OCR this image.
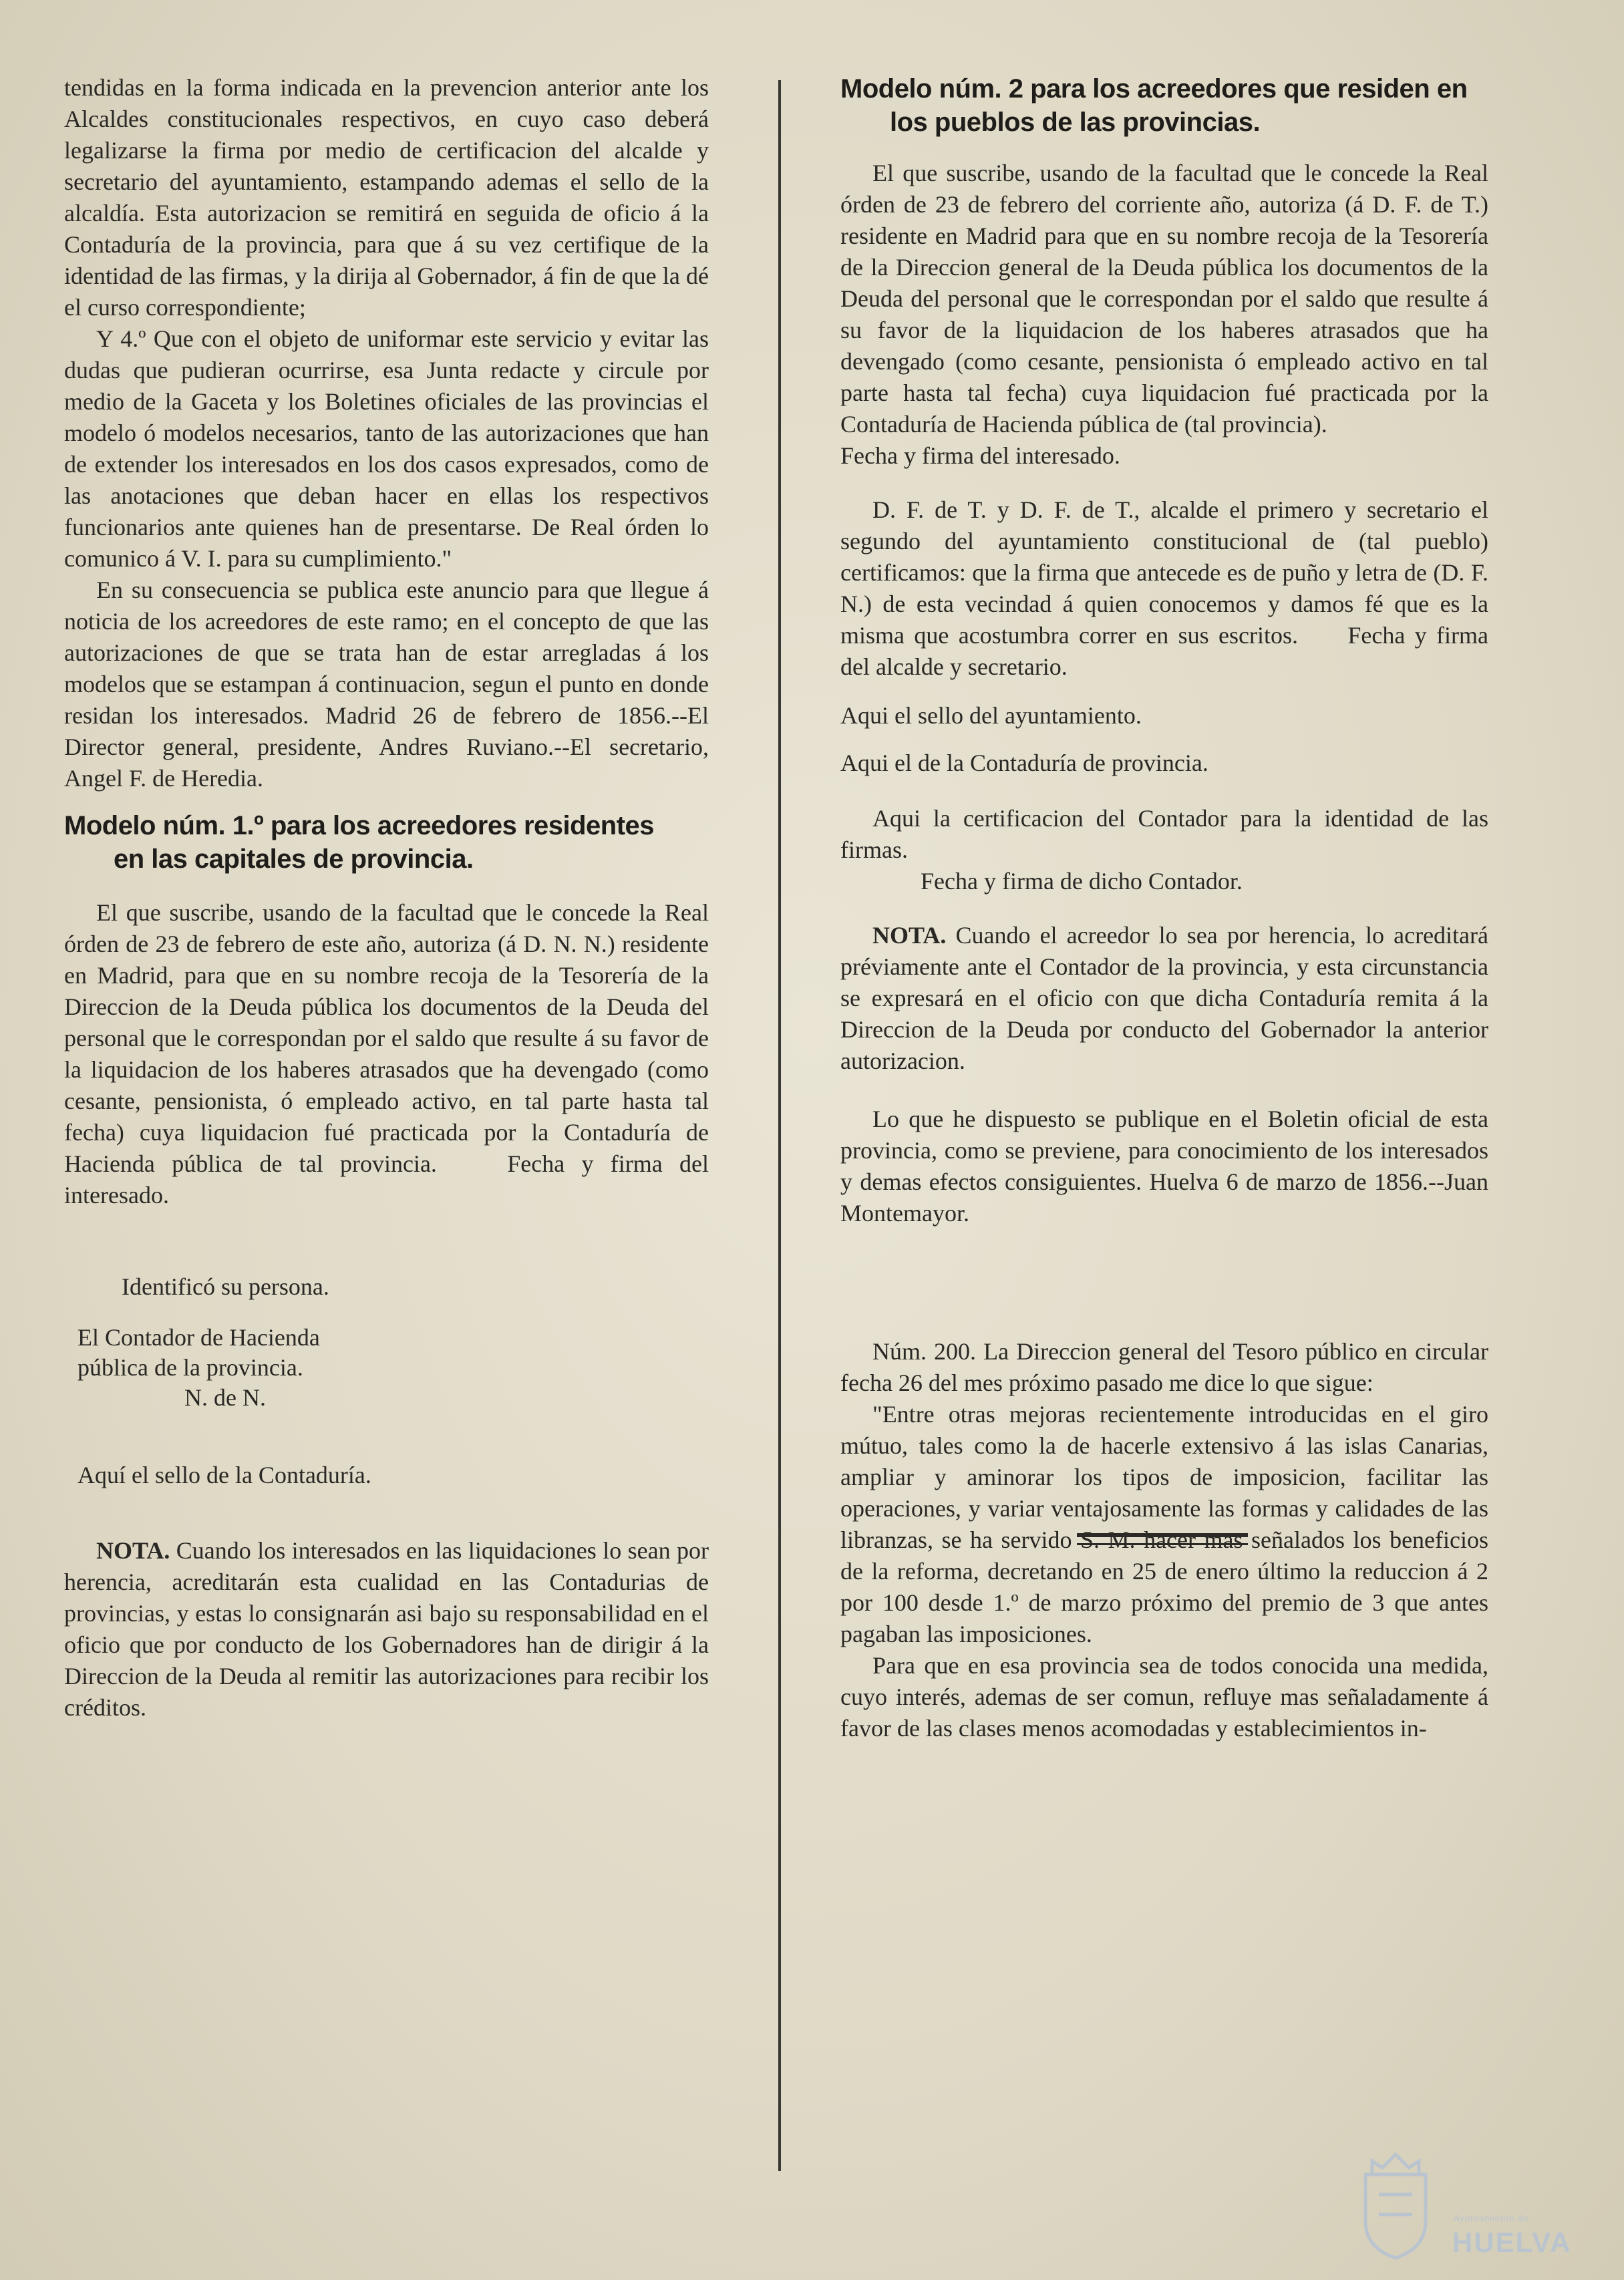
tendidas en la forma indicada en la prevencion anterior ante los Alcaldes constitucionales respectivos, en cuyo caso deberá legalizarse la firma por medio de certificacion del alcalde y secretario del ayuntamiento, estampando ademas el sello de la alcaldía. Esta autorizacion se remitirá en seguida de oficio á la Contaduría de la provincia, para que á su vez certifique de la identidad de las firmas, y la dirija al Gobernador, á fin de que la dé el curso correspondiente;

Y 4.º Que con el objeto de uniformar este servicio y evitar las dudas que pudieran ocurrirse, esa Junta redacte y circule por medio de la Gaceta y los Boletines oficiales de las provincias el modelo ó modelos necesarios, tanto de las autorizaciones que han de extender los interesados en los dos casos expresados, como de las anotaciones que deban hacer en ellas los respectivos funcionarios ante quienes han de presentarse. De Real órden lo comunico á V. I. para su cumplimiento."

En su consecuencia se publica este anuncio para que llegue á noticia de los acreedores de este ramo; en el concepto de que las autorizaciones de que se trata han de estar arregladas á los modelos que se estampan á continuacion, segun el punto en donde residan los interesados. Madrid 26 de febrero de 1856.--El Director general, presidente, Andres Ruviano.--El secretario, Angel F. de Heredia.

Modelo núm. 1.º para los acreedores residentes
en las capitales de provincia.

El que suscribe, usando de la facultad que le concede la Real órden de 23 de febrero de este año, autoriza (á D. N. N.) residente en Madrid, para que en su nombre recoja de la Tesorería de la Direccion de la Deuda pública los documentos de la Deuda del personal que le correspondan por el saldo que resulte á su favor de la liquidacion de los haberes atrasados que ha devengado (como cesante, pensionista, ó empleado activo, en tal parte hasta tal fecha) cuya liquidacion fué practicada por la Contaduría de Hacienda pública de tal provincia.	Fecha y firma del interesado.

Identificó su persona.

El Contador de Hacienda
pública de la provincia.
N. de N.

Aquí el sello de la Contaduría.

NOTA. Cuando los interesados en las liquidaciones lo sean por herencia, acreditarán esta cualidad en las Contadurias de provincias, y estas lo consignarán asi bajo su responsabilidad en el oficio que por conducto de los Gobernadores han de dirigir á la Direccion de la Deuda al remitir las autorizaciones para recibir los créditos.

Modelo núm. 2 para los acreedores que residen en
los pueblos de las provincias.

El que suscribe, usando de la facultad que le concede la Real órden de 23 de febrero del corriente año, autoriza (á D. F. de T.) residente en Madrid para que en su nombre recoja de la Tesorería de la Direccion general de la Deuda pública los documentos de la Deuda del personal que le correspondan por el saldo que resulte á su favor de la liquidacion de los haberes atrasados que ha devengado (como cesante, pensionista ó empleado activo en tal parte hasta tal fecha) cuya liquidacion fué practicada por la Contaduría de Hacienda pública de (tal provincia).

Fecha y firma del interesado.

D. F. de T. y D. F. de T., alcalde el primero y secretario el segundo del ayuntamiento constitucional de (tal pueblo) certificamos: que la firma que antecede es de puño y letra de (D. F. N.) de esta vecindad á quien conocemos y damos fé que es la misma que acostumbra correr en sus escritos. Fecha y firma del alcalde y secretario.

Aqui el sello del ayuntamiento.

Aqui el de la Contaduría de provincia.

Aqui la certificacion del Contador para la identidad de las firmas.

Fecha y firma de dicho Contador.

NOTA. Cuando el acreedor lo sea por herencia, lo acreditará préviamente ante el Contador de la provincia, y esta circunstancia se expresará en el oficio con que dicha Contaduría remita á la Direccion de la Deuda por conducto del Gobernador la anterior autorizacion.

Lo que he dispuesto se publique en el Boletin oficial de esta provincia, como se previene, para conocimiento de los interesados y demas efectos consiguientes. Huelva 6 de marzo de 1856.--Juan Montemayor.

Núm. 200. La Direccion general del Tesoro público en circular fecha 26 del mes próximo pasado me dice lo que sigue:

"Entre otras mejoras recientemente introducidas en el giro mútuo, tales como la de hacerle extensivo á las islas Canarias, ampliar y aminorar los tipos de imposicion, facilitar las operaciones, y variar ventajosamente las formas y calidades de las libranzas, se ha servido S. M. hacer mas señalados los beneficios de la reforma, decretando en 25 de enero último la reduccion á 2 por 100 desde 1.º de marzo próximo del premio de 3 que antes pagaban las imposiciones.

Para que en esa provincia sea de todos conocida una medida, cuyo interés, ademas de ser comun, refluye mas señaladamente á favor de las clases menos acomodadas y establecimientos in-

Ayuntamiento de
HUELVA
